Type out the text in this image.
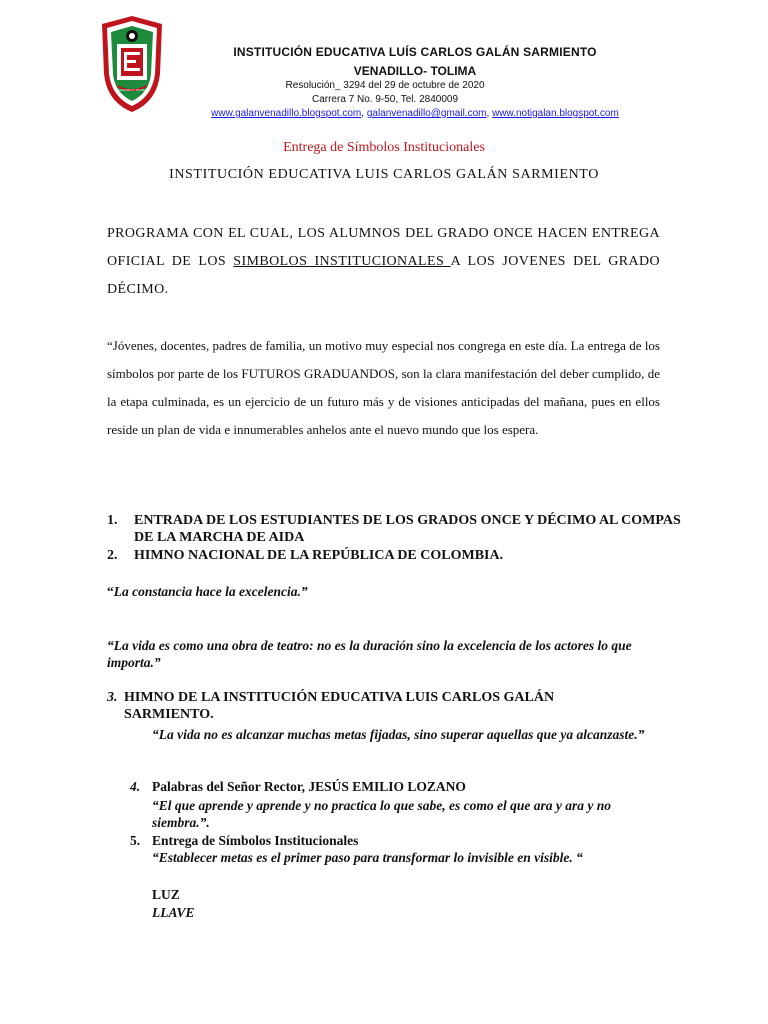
VENADILLO TOLIMA
INSTITUCIÓN EDUCATIVA LUÍS CARLOS GALÁN SARMIENTO
VENADILLO- TOLIMA
Resolución_ 3294 del 29 de octubre de 2020
Carrera 7 No. 9-50, Tel. 2840009
www.galanvenadillo.blogspot.com, galanvenadillo@gmail.com, www.notigalan.blogspot.com
Entrega de Símbolos Institucionales
INSTITUCIÓN EDUCATIVA LUIS CARLOS GALÁN SARMIENTO
PROGRAMA CON EL CUAL, LOS ALUMNOS DEL GRADO ONCE HACEN ENTREGA OFICIAL DE LOS SIMBOLOS INSTITUCIONALES A LOS JOVENES DEL GRADO DÉCIMO.
“Jóvenes, docentes, padres de familia, un motivo muy especial nos congrega en este día. La entrega de los símbolos por parte de los FUTUROS GRADUANDOS, son la clara manifestación del deber cumplido, de la etapa culminada, es un ejercicio de un futuro más y de visiones anticipadas del mañana, pues en ellos reside un plan de vida e innumerables anhelos ante el nuevo mundo que los espera.
1. ENTRADA DE LOS ESTUDIANTES DE LOS GRADOS ONCE Y DÉCIMO AL COMPAS DE LA MARCHA DE AIDA
2. HIMNO NACIONAL DE LA REPÚBLICA DE COLOMBIA.
“La constancia hace la excelencia.”
“La vida es como una obra de teatro: no es la duración sino la excelencia de los actores lo que importa.”
3. HIMNO DE LA INSTITUCIÓN EDUCATIVA LUIS CARLOS GALÁN SARMIENTO.
“La vida no es alcanzar muchas metas fijadas, sino superar aquellas que ya alcanzaste.”
4. Palabras del Señor Rector, JESÚS EMILIO LOZANO
“El que aprende y aprende y no practica lo que sabe, es como el que ara y ara y no siembra.”.
5. Entrega de Símbolos Institucionales
“Establecer metas es el primer paso para transformar lo invisible en visible. “
LUZ
LLAVE
